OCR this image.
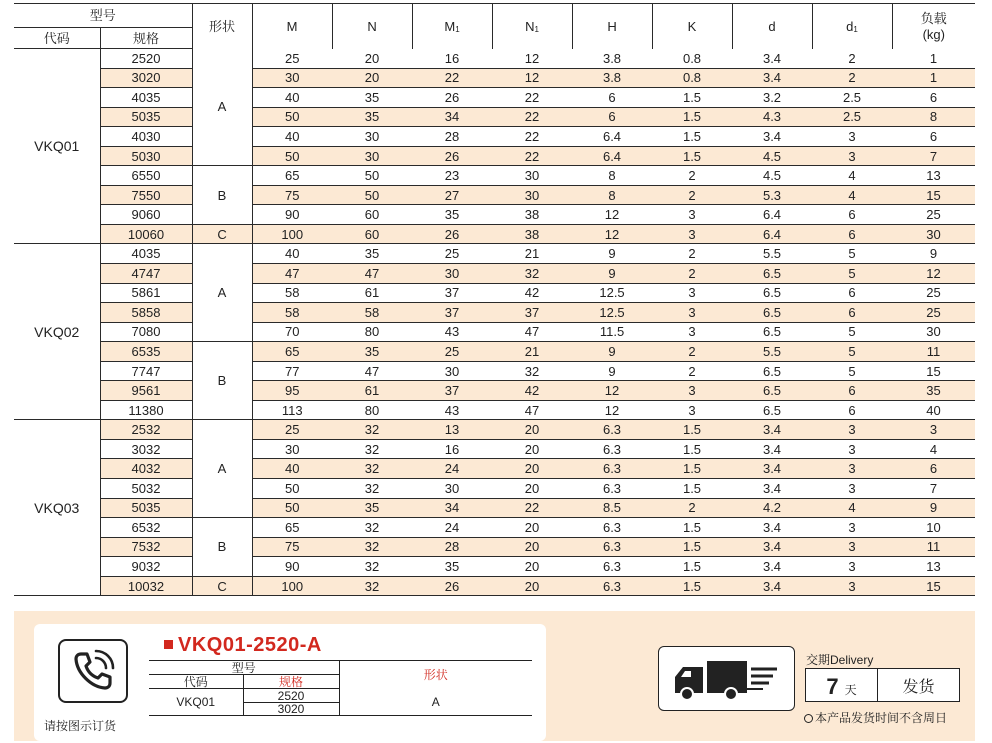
型号		形状	M	N	M1	N1	H	K	d	d1	负载
(kg)
代码	规格										
VKQ01	2520	A	25	20	16	12	3.8	0.8	3.4	2	1
	3020		30	20	22	12	3.8	0.8	3.4	2	1
	4035		40	35	26	22	6	1.5	3.2	2.5	6
	5035		50	35	34	22	6	1.5	4.3	2.5	8
	4030		40	30	28	22	6.4	1.5	3.4	3	6
	5030		50	30	26	22	6.4	1.5	4.5	3	7
	6550	B	65	50	23	30	8	2	4.5	4	13
	7550		75	50	27	30	8	2	5.3	4	15
	9060		90	60	35	38	12	3	6.4	6	25
	10060	C	100	60	26	38	12	3	6.4	6	30
VKQ02	4035	A	40	35	25	21	9	2	5.5	5	9
	4747		47	47	30	32	9	2	6.5	5	12
	5861		58	61	37	42	12.5	3	6.5	6	25
	5858		58	58	37	37	12.5	3	6.5	6	25
	7080		70	80	43	47	11.5	3	6.5	5	30
	6535	B	65	35	25	21	9	2	5.5	5	11
	7747		77	47	30	32	9	2	6.5	5	15
	9561		95	61	37	42	12	3	6.5	6	35
	11380		113	80	43	47	12	3	6.5	6	40
VKQ03	2532	A	25	32	13	20	6.3	1.5	3.4	3	3
	3032		30	32	16	20	6.3	1.5	3.4	3	4
	4032		40	32	24	20	6.3	1.5	3.4	3	6
	5032		50	32	30	20	6.3	1.5	3.4	3	7
	5035		50	35	34	22	8.5	2	4.2	4	9
	6532	B	65	32	24	20	6.3	1.5	3.4	3	10
	7532		75	32	28	20	6.3	1.5	3.4	3	11
	9032		90	32	35	20	6.3	1.5	3.4	3	13
	10032	C	100	32	26	20	6.3	1.5	3.4	3	15
请按图示订货
VKQ01-2520-A
型号		形状
代码	规格	
VKQ01	2520	A
	3020	
交期Delivery
7 天	发货
本产品发货时间不含周日
